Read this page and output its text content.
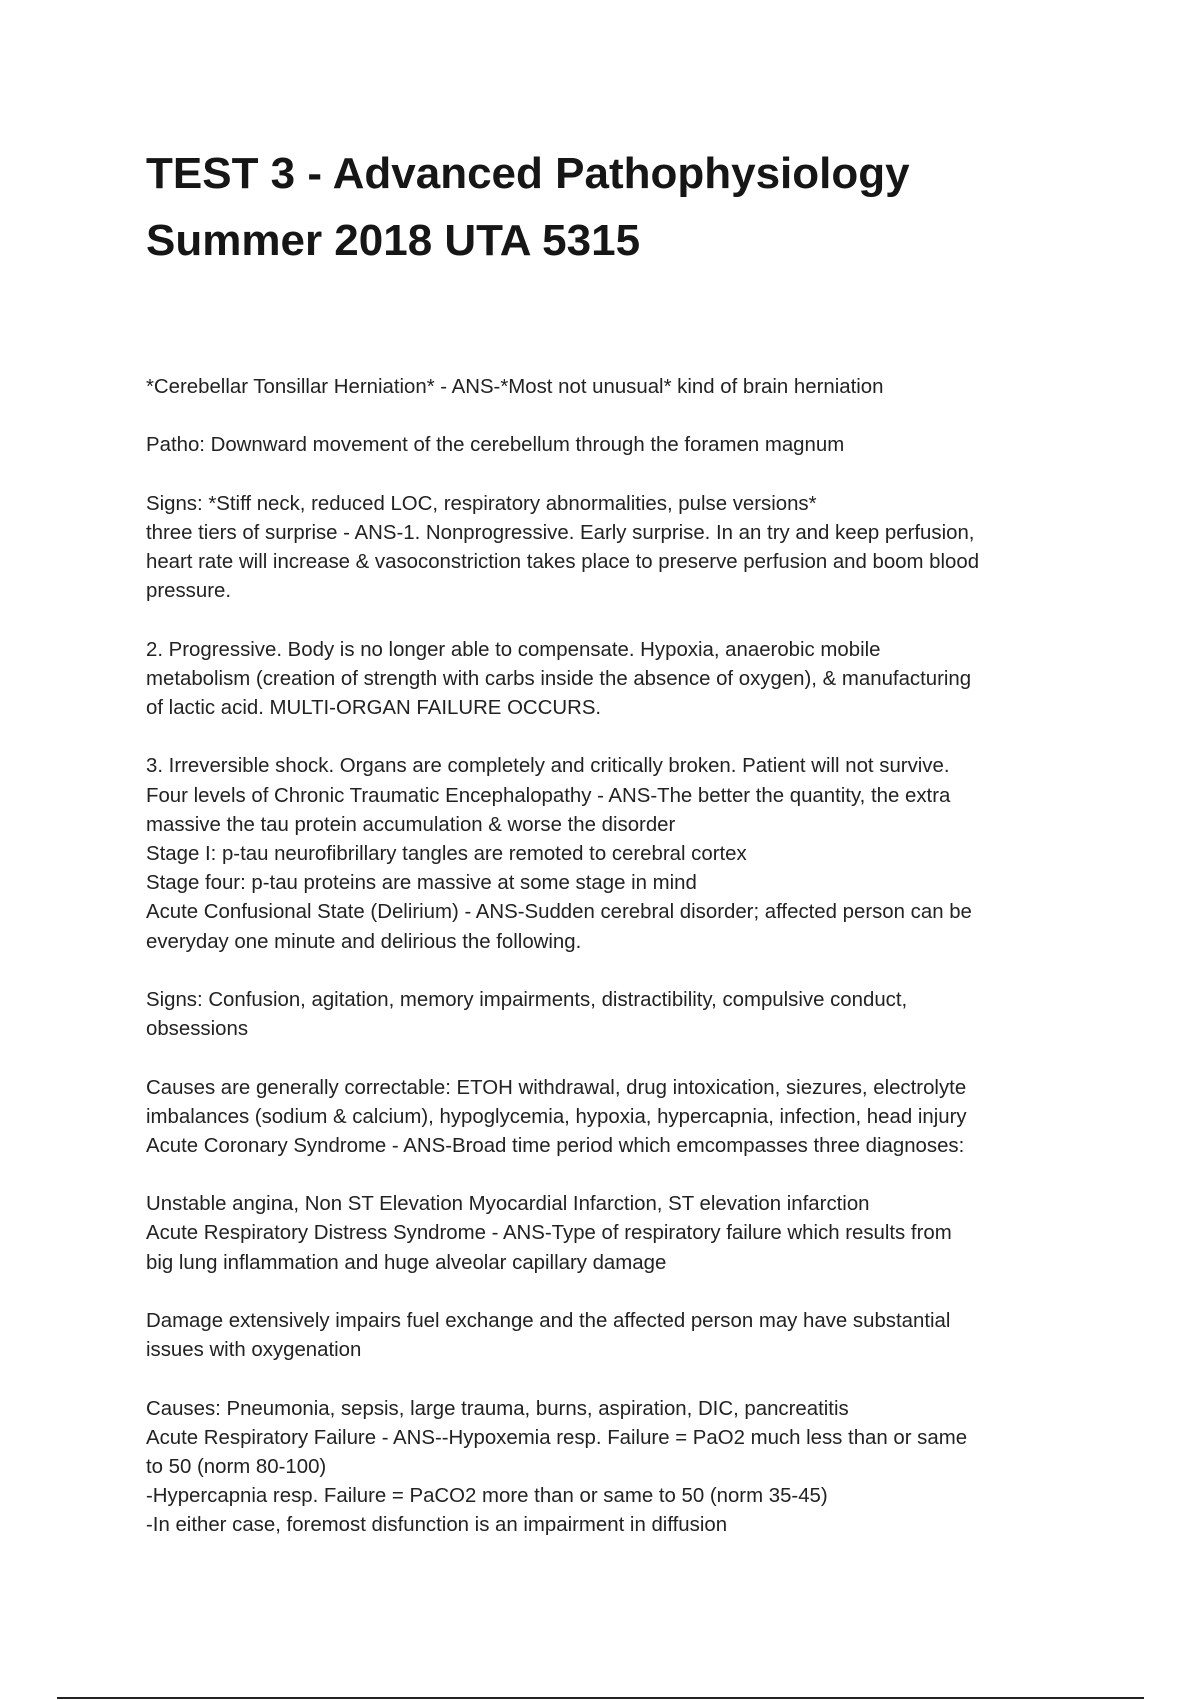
TEST 3 - Advanced Pathophysiology
Summer 2018 UTA 5315
*Cerebellar Tonsillar Herniation* - ANS-*Most not unusual* kind of brain herniation
Patho: Downward movement of the cerebellum through the foramen magnum
Signs: *Stiff neck, reduced LOC, respiratory abnormalities, pulse versions*
three tiers of surprise - ANS-1. Nonprogressive. Early surprise. In an try and keep perfusion,
heart rate will increase & vasoconstriction takes place to preserve perfusion and boom blood
pressure.
2. Progressive. Body is no longer able to compensate. Hypoxia, anaerobic mobile
metabolism (creation of strength with carbs inside the absence of oxygen), & manufacturing
of lactic acid. MULTI-ORGAN FAILURE OCCURS.
3. Irreversible shock. Organs are completely and critically broken. Patient will not survive.
Four levels of Chronic Traumatic Encephalopathy - ANS-The better the quantity, the extra
massive the tau protein accumulation & worse the disorder
Stage I: p-tau neurofibrillary tangles are remoted to cerebral cortex
Stage four: p-tau proteins are massive at some stage in mind
Acute Confusional State (Delirium) - ANS-Sudden cerebral disorder; affected person can be
everyday one minute and delirious the following.
Signs: Confusion, agitation, memory impairments, distractibility, compulsive conduct,
obsessions
Causes are generally correctable: ETOH withdrawal, drug intoxication, siezures, electrolyte
imbalances (sodium & calcium), hypoglycemia, hypoxia, hypercapnia, infection, head injury
Acute Coronary Syndrome - ANS-Broad time period which emcompasses three diagnoses:
Unstable angina, Non ST Elevation Myocardial Infarction, ST elevation infarction
Acute Respiratory Distress Syndrome - ANS-Type of respiratory failure which results from
big lung inflammation and huge alveolar capillary damage
Damage extensively impairs fuel exchange and the affected person may have substantial
issues with oxygenation
Causes: Pneumonia, sepsis, large trauma, burns, aspiration, DIC, pancreatitis
Acute Respiratory Failure - ANS--Hypoxemia resp. Failure = PaO2 much less than or same
to 50 (norm 80-100)
-Hypercapnia resp. Failure = PaCO2 more than or same to 50 (norm 35-45)
-In either case, foremost disfunction is an impairment in diffusion
